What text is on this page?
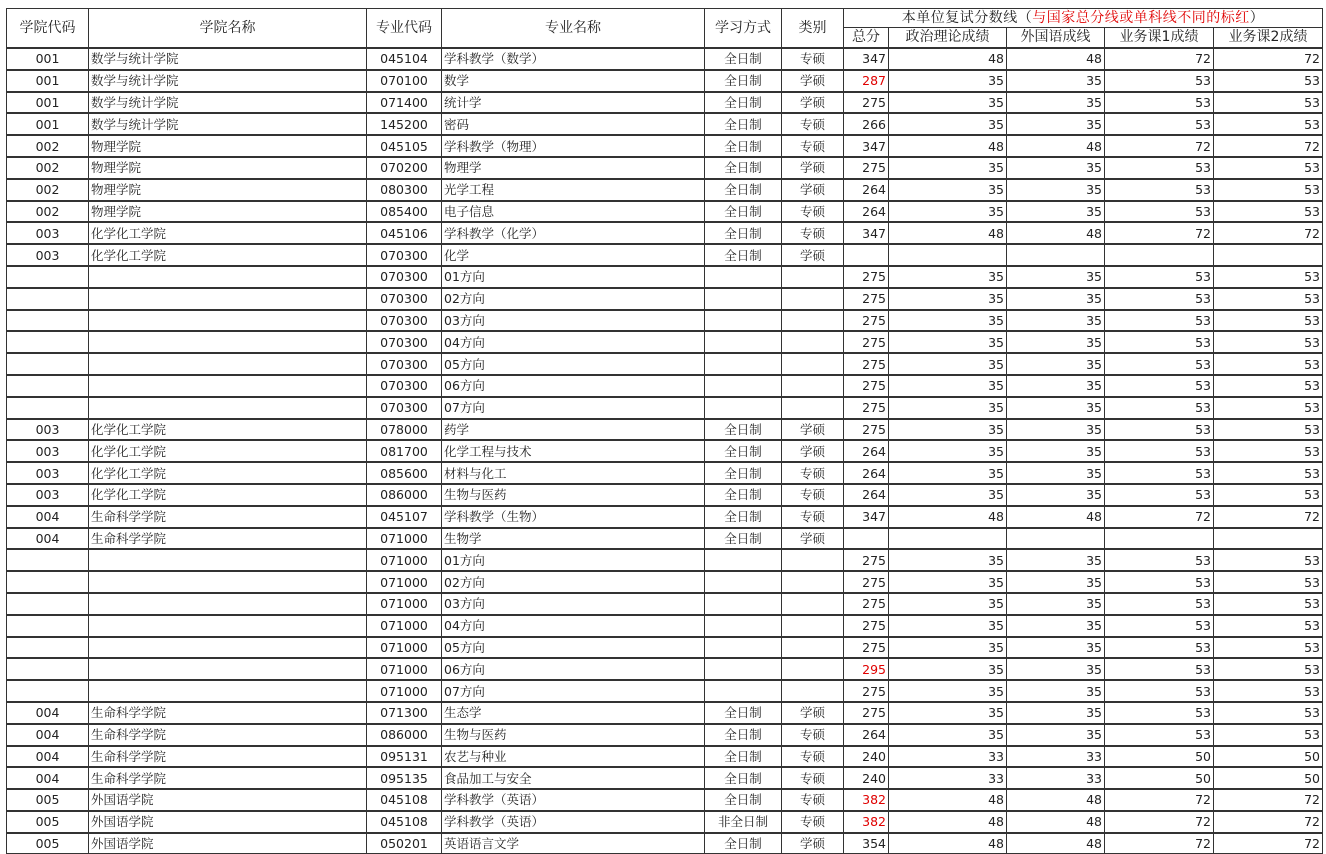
学院代码	学院名称	专业代码	专业名称	学习方式	类别	本单位复试分数线（与国家总分线或单科线不同的标红）				
						总分	政治理论成绩	外国语成线	业务课1成绩	业务课2成绩
001	数学与统计学院	045104	学科教学（数学）	全日制	专硕	347	48	48	72	72
001	数学与统计学院	070100	数学	全日制	学硕	287	35	35	53	53
001	数学与统计学院	071400	统计学	全日制	学硕	275	35	35	53	53
001	数学与统计学院	145200	密码	全日制	专硕	266	35	35	53	53
002	物理学院	045105	学科教学（物理）	全日制	专硕	347	48	48	72	72
002	物理学院	070200	物理学	全日制	学硕	275	35	35	53	53
002	物理学院	080300	光学工程	全日制	学硕	264	35	35	53	53
002	物理学院	085400	电子信息	全日制	专硕	264	35	35	53	53
003	化学化工学院	045106	学科教学（化学）	全日制	专硕	347	48	48	72	72
003	化学化工学院	070300	化学	全日制	学硕					
		070300	01方向			275	35	35	53	53
		070300	02方向			275	35	35	53	53
		070300	03方向			275	35	35	53	53
		070300	04方向			275	35	35	53	53
		070300	05方向			275	35	35	53	53
		070300	06方向			275	35	35	53	53
		070300	07方向			275	35	35	53	53
003	化学化工学院	078000	药学	全日制	学硕	275	35	35	53	53
003	化学化工学院	081700	化学工程与技术	全日制	学硕	264	35	35	53	53
003	化学化工学院	085600	材料与化工	全日制	专硕	264	35	35	53	53
003	化学化工学院	086000	生物与医药	全日制	专硕	264	35	35	53	53
004	生命科学学院	045107	学科教学（生物）	全日制	专硕	347	48	48	72	72
004	生命科学学院	071000	生物学	全日制	学硕					
		071000	01方向			275	35	35	53	53
		071000	02方向			275	35	35	53	53
		071000	03方向			275	35	35	53	53
		071000	04方向			275	35	35	53	53
		071000	05方向			275	35	35	53	53
		071000	06方向			295	35	35	53	53
		071000	07方向			275	35	35	53	53
004	生命科学学院	071300	生态学	全日制	学硕	275	35	35	53	53
004	生命科学学院	086000	生物与医药	全日制	专硕	264	35	35	53	53
004	生命科学学院	095131	农艺与种业	全日制	专硕	240	33	33	50	50
004	生命科学学院	095135	食品加工与安全	全日制	专硕	240	33	33	50	50
005	外国语学院	045108	学科教学（英语）	全日制	专硕	382	48	48	72	72
005	外国语学院	045108	学科教学（英语）	非全日制	专硕	382	48	48	72	72
005	外国语学院	050201	英语语言文学	全日制	学硕	354	48	48	72	72
